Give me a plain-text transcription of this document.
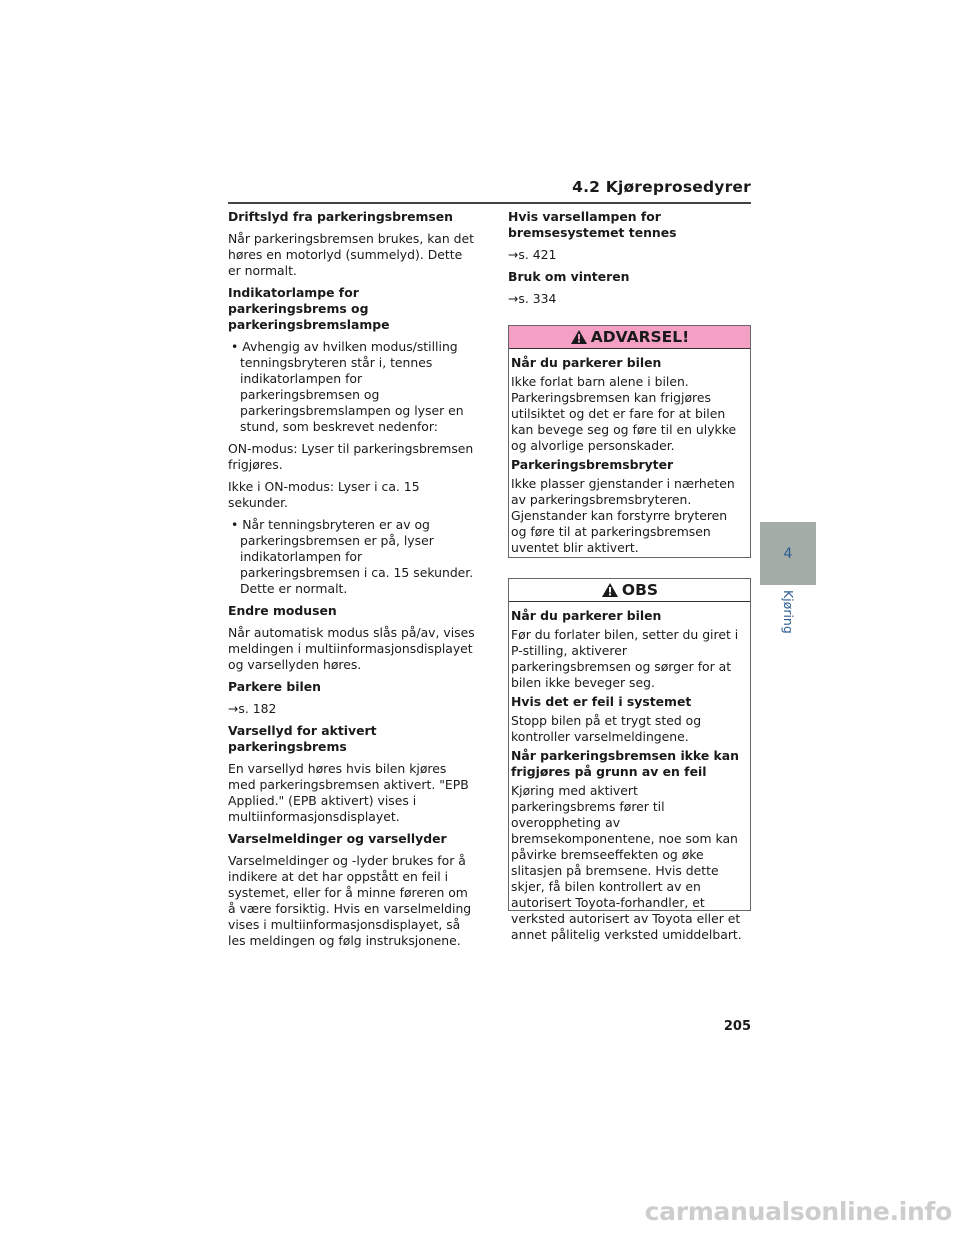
4.2 Kjøreprosedyrer
Driftslyd fra parkeringsbremsen
Når parkeringsbremsen brukes, kan det høres en motorlyd (summelyd). Dette er normalt.
Indikatorlampe for parkeringsbrems og parkeringsbremslampe
• Avhengig av hvilken modus/stilling tenningsbryteren står i, tennes indikatorlampen for parkeringsbremsen og parkeringsbremslampen og lyser en stund, som beskrevet nedenfor:
ON-modus: Lyser til parkeringsbremsen frigjøres.
Ikke i ON-modus: Lyser i ca. 15 sekunder.
• Når tenningsbryteren er av og parkeringsbremsen er på, lyser indikatorlampen for parkeringsbremsen i ca. 15 sekunder. Dette er normalt.
Endre modusen
Når automatisk modus slås på/av, vises meldingen i multiinformasjonsdisplayet og varsellyden høres.
Parkere bilen
→s. 182
Varsellyd for aktivert parkeringsbrems
En varsellyd høres hvis bilen kjøres med parkeringsbremsen aktivert. "EPB Applied." (EPB aktivert) vises i multiinformasjonsdisplayet.
Varselmeldinger og varsellyder
Varselmeldinger og -lyder brukes for å indikere at det har oppstått en feil i systemet, eller for å minne føreren om å være forsiktig. Hvis en varselmelding vises i multiinformasjonsdisplayet, så les meldingen og følg instruksjonene.
Hvis varsellampen for bremsesystemet tennes
→s. 421
Bruk om vinteren
→s. 334
ADVARSEL!
Når du parkerer bilen
Ikke forlat barn alene i bilen. Parkeringsbremsen kan frigjøres utilsiktet og det er fare for at bilen kan bevege seg og føre til en ulykke og alvorlige personskader.
Parkeringsbremsbryter
Ikke plasser gjenstander i nærheten av parkeringsbremsbryteren. Gjenstander kan forstyrre bryteren og føre til at parkeringsbremsen uventet blir aktivert.
OBS
Når du parkerer bilen
Før du forlater bilen, setter du giret i P-stilling, aktiverer parkeringsbremsen og sørger for at bilen ikke beveger seg.
Hvis det er feil i systemet
Stopp bilen på et trygt sted og kontroller varselmeldingene.
Når parkeringsbremsen ikke kan frigjøres på grunn av en feil
Kjøring med aktivert parkeringsbrems fører til overoppheting av bremsekomponentene, noe som kan påvirke bremseeffekten og øke slitasjen på bremsene. Hvis dette skjer, få bilen kontrollert av en autorisert Toyota-forhandler, et verksted autorisert av Toyota eller et annet pålitelig verksted umiddelbart.
4
Kjøring
205
carmanualsonline.info
